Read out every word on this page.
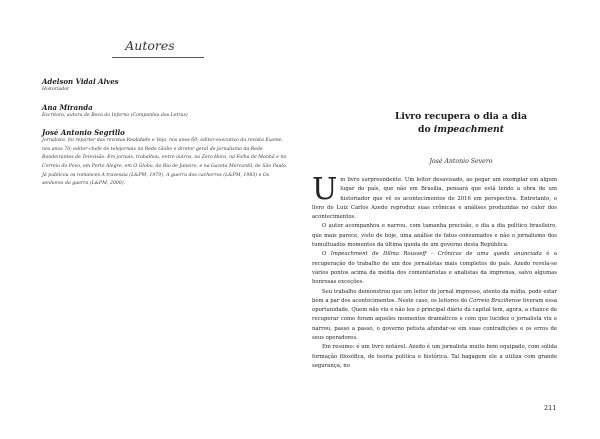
Autores
Adelson Vidal Alves
Historiador
Ana Miranda
Escritora, autora de Boca do Inferno (Companhia das Letras)
José Antonio Segrillo
Jornalista, foi repórter das revistas Realidade e Veja, nos anos 60; editor-executivo da revista Exame, nos anos 70; editor-chefe de telejornais na Rede Globo e diretor geral de jornalismo da Rede Bandeirantes de Televisão. Em jornais, trabalhou, entre outros, na Zero Hora, na Folha de Manhã e no Correio do Povo, em Porto Alegre, em O Globo, do Rio de Janeiro, e na Gazeta Mercantil, de São Paulo. Já publicou os romances A travessia (L&PM, 1979), A guerra dos cachorros (L&PM, 1983) e Os senhores da guerra (L&PM, 2000).
Livro recupera o dia a dia
do impeachment
José Antonio Severo

Um livro surpreendente. Um leitor desavisado, ao pegar um exemplar em algum lugar do país, que não em Brasília, pensará que está lendo a obra de um historiador que vê os acontecimentos de 2016 em perspectiva. Entretanto, o livro de Luiz Carlos Azedo reproduz suas crônicas e análises produzidas no calor dos acontecimentos.

O autor acompanhou e narrou, com tamanha precisão, o dia a dia político brasileiro, que mais parece, visto de hoje, uma análise de fatos consumados e não o jornalismo dos tumultuados momentos da última queda de um governo desta República.

O Impeachment de Dilma Rousseff – Crônicas de uma queda anunciada é a recuperação do trabalho de um dos jornalistas mais completos do país. Azedo revela-se vários pontos acima da média dos comentaristas e analistas da imprensa, salvo algumas honrosas exceções.

Seu trabalho demonstrou que um leitor de jornal impresso, atento da mídia, pode estar bem a par dos acontecimentos. Neste caso, os leitores do Correio Braziliense tiveram essa oportunidade. Quem não viu e não leu o principal diário da capital tem, agora, a chance de recuperar como foram aqueles momentos dramáticos e com que lucidez o jornalista viu e narrou, passo a passo, o governo petista afundar-se em suas contradições e os erros de seus operadores.

Em resumo: é um livro notável. Azedo é um jornalista muito bem equipado, com sólida formação filosófica, de teoria política e histórica. Tal bagagem ele a utiliza com grande segurança, no

211
